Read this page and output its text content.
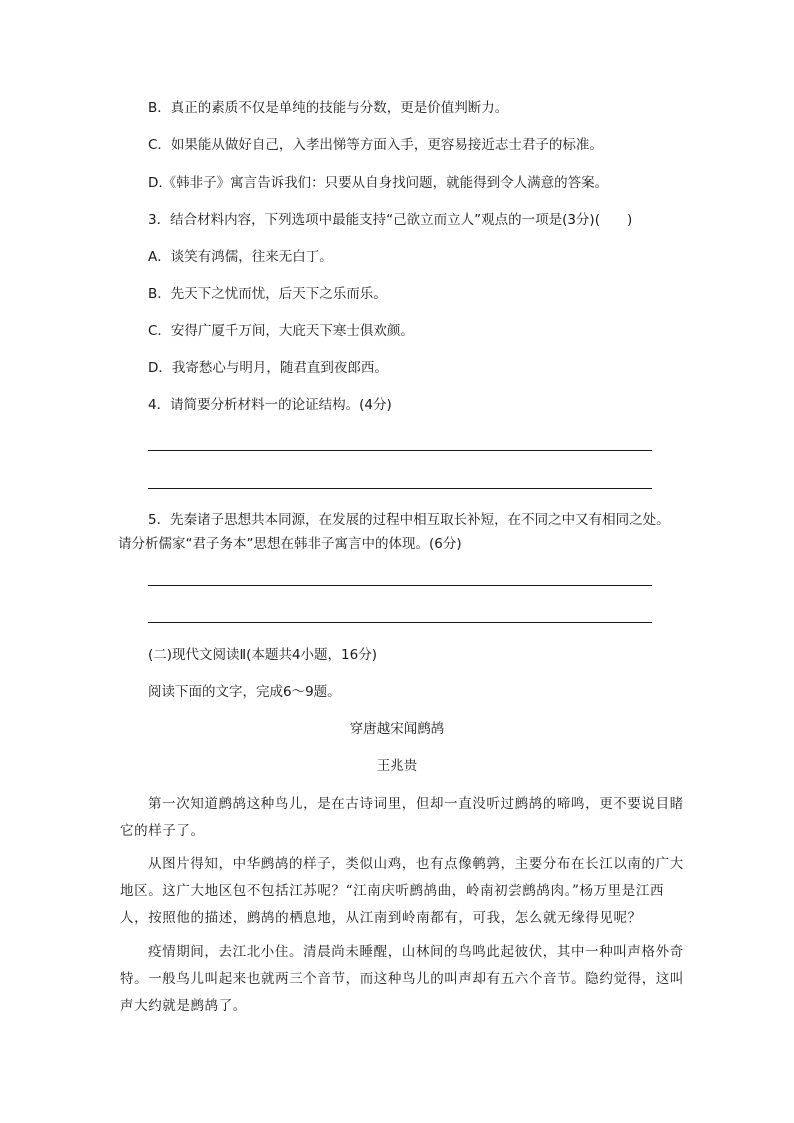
B．真正的素质不仅是单纯的技能与分数，更是价值判断力。
C．如果能从做好自己，入孝出悌等方面入手，更容易接近志士君子的标准。
D.《韩非子》寓言告诉我们：只要从自身找问题，就能得到令人满意的答案。
3．结合材料内容，下列选项中最能支持“己欲立而立人”观点的一项是(3分)(　　)
A．谈笑有鸿儒，往来无白丁。
B．先天下之忧而忧，后天下之乐而乐。
C．安得广厦千万间，大庇天下寒士俱欢颜。
D．我寄愁心与明月，随君直到夜郎西。
4．请简要分析材料一的论证结构。(4分)
5．先秦诸子思想共本同源，在发展的过程中相互取长补短，在不同之中又有相同之处。
请分析儒家“君子务本”思想在韩非子寓言中的体现。(6分)
(二)现代文阅读Ⅱ(本题共4小题，16分)
阅读下面的文字，完成6～9题。
穿唐越宋闻鹧鸪
王兆贵
第一次知道鹧鸪这种鸟儿，是在古诗词里，但却一直没听过鹧鸪的啼鸣，更不要说目睹
它的样子了。
从图片得知，中华鹧鸪的样子，类似山鸡，也有点像鹌鹑，主要分布在长江以南的广大
地区。这广大地区包不包括江苏呢？“江南庆听鹧鸪曲，岭南初尝鹧鸪肉。”杨万里是江西
人，按照他的描述，鹧鸪的栖息地，从江南到岭南都有，可我，怎么就无缘得见呢？
疫情期间，去江北小住。清晨尚未睡醒，山林间的鸟鸣此起彼伏，其中一种叫声格外奇
特。一般鸟儿叫起来也就两三个音节，而这种鸟儿的叫声却有五六个音节。隐约觉得，这叫
声大约就是鹧鸪了。
